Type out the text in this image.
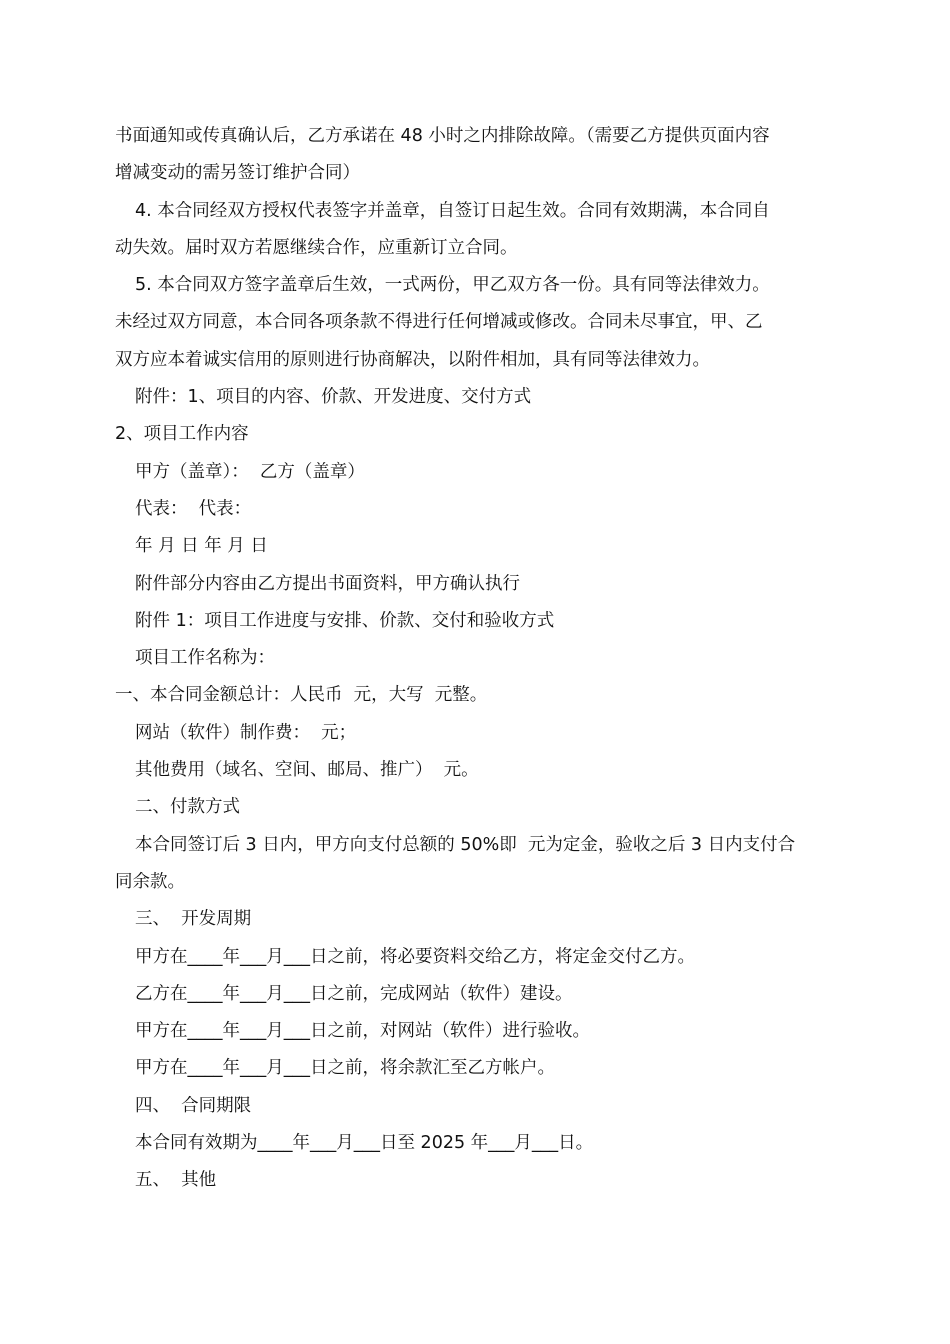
书面通知或传真确认后，乙方承诺在 48 小时之内排除故障。（需要乙方提供页面内容

增减变动的需另签订维护合同）

4. 本合同经双方授权代表签字并盖章，自签订日起生效。合同有效期满，本合同自

动失效。届时双方若愿继续合作，应重新订立合同。

5. 本合同双方签字盖章后生效，一式两份，甲乙双方各一份。具有同等法律效力。

未经过双方同意，本合同各项条款不得进行任何增减或修改。合同未尽事宜，甲、乙

双方应本着诚实信用的原则进行协商解决，以附件相加，具有同等法律效力。

附件：1、项目的内容、价款、开发进度、交付方式

2、项目工作内容

甲方（盖章）：  乙方（盖章）

代表：  代表：

年 月 日 年 月 日

附件部分内容由乙方提出书面资料，甲方确认执行

附件 1：项目工作进度与安排、价款、交付和验收方式

项目工作名称为：

一、本合同金额总计：人民币  元，大写  元整。

网站（软件）制作费：  元；

其他费用（域名、空间、邮局、推广）  元。

二、付款方式

本合同签订后 3 日内，甲方向支付总额的 50%即  元为定金，验收之后 3 日内支付合

同余款。

三、  开发周期

甲方在____年___月___日之前，将必要资料交给乙方，将定金交付乙方。

乙方在____年___月___日之前，完成网站（软件）建设。

甲方在____年___月___日之前，对网站（软件）进行验收。

甲方在____年___月___日之前，将余款汇至乙方帐户。

四、  合同期限

本合同有效期为____年___月___日至 2025 年___月___日。

五、  其他
